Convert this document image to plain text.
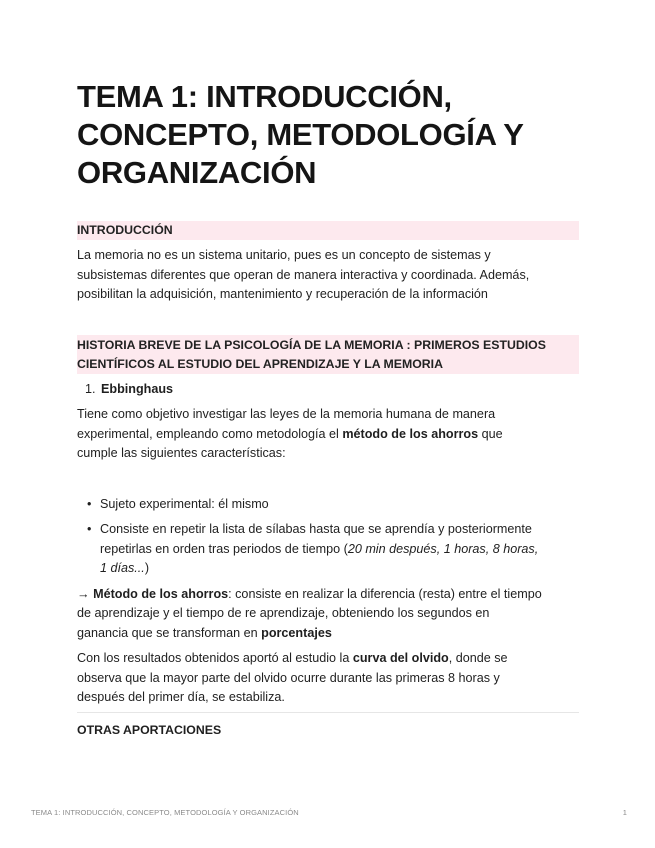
TEMA 1: INTRODUCCIÓN,
CONCEPTO, METODOLOGÍA Y
ORGANIZACIÓN
INTRODUCCIÓN

La memoria no es un sistema unitario, pues es un concepto de sistemas y
subsistemas diferentes que operan de manera interactiva y coordinada. Además,
posibilitan la adquisición, mantenimiento y recuperación de la información

HISTORIA BREVE DE LA PSICOLOGÍA DE LA MEMORIA : PRIMEROS ESTUDIOS
CIENTÍFICOS AL ESTUDIO DEL APRENDIZAJE Y LA MEMORIA
1. Ebbinghaus

Tiene como objetivo investigar las leyes de la memoria humana de manera
experimental, empleando como metodología el método de los ahorros que
cumple las siguientes características:

• Sujeto experimental: él mismo
• Consiste en repetir la lista de sílabas hasta que se aprendía y posteriormente
repetirlas en orden tras periodos de tiempo (20 min después, 1 horas, 8 horas,
1 días...)

→ Método de los ahorros: consiste en realizar la diferencia (resta) entre el tiempo
de aprendizaje y el tiempo de re aprendizaje, obteniendo los segundos en
ganancia que se transforman en porcentajes

Con los resultados obtenidos aportó al estudio la curva del olvido, donde se
observa que la mayor parte del olvido ocurre durante las primeras 8 horas y
después del primer día, se estabiliza.

OTRAS APORTACIONES
TEMA 1: INTRODUCCIÓN, CONCEPTO, METODOLOGÍA Y ORGANIZACIÓN	1
